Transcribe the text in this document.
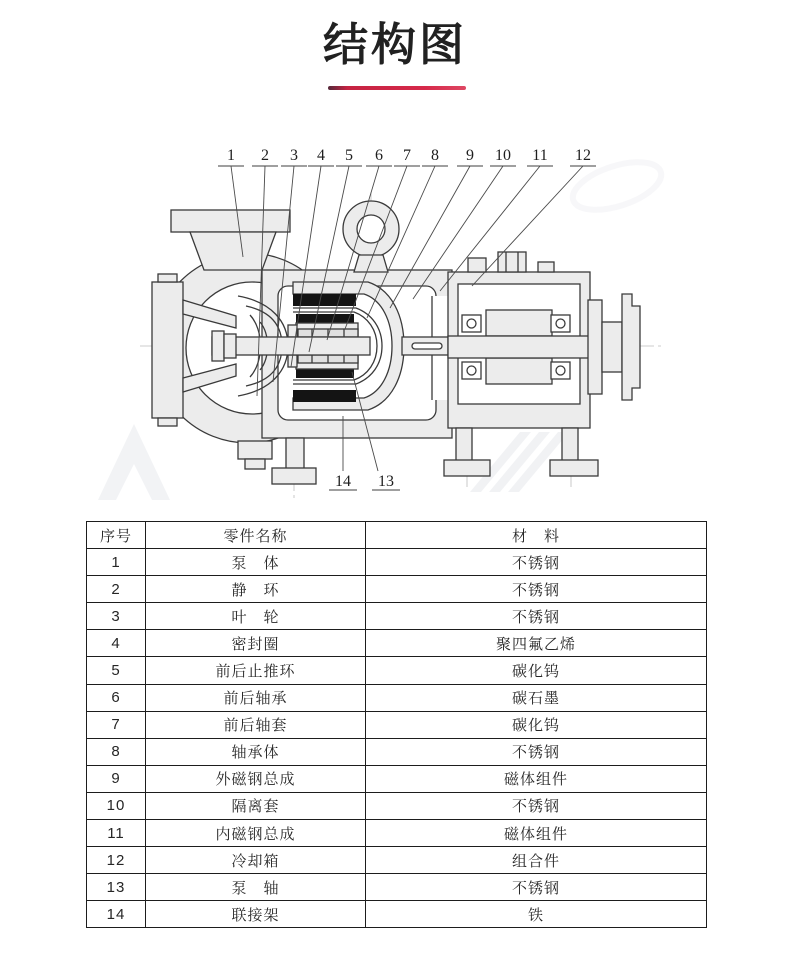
结构图
1 2 3 4 5 6 7 8 9 10 11 12
14 13
序号	零件名称	材　料
1	泵　体	不锈钢
2	静　环	不锈钢
3	叶　轮	不锈钢
4	密封圈	聚四氟乙烯
5	前后止推环	碳化钨
6	前后轴承	碳石墨
7	前后轴套	碳化钨
8	轴承体	不锈钢
9	外磁钢总成	磁体组件
10	隔离套	不锈钢
11	内磁钢总成	磁体组件
12	冷却箱	组合件
13	泵　轴	不锈钢
14	联接架	铁
